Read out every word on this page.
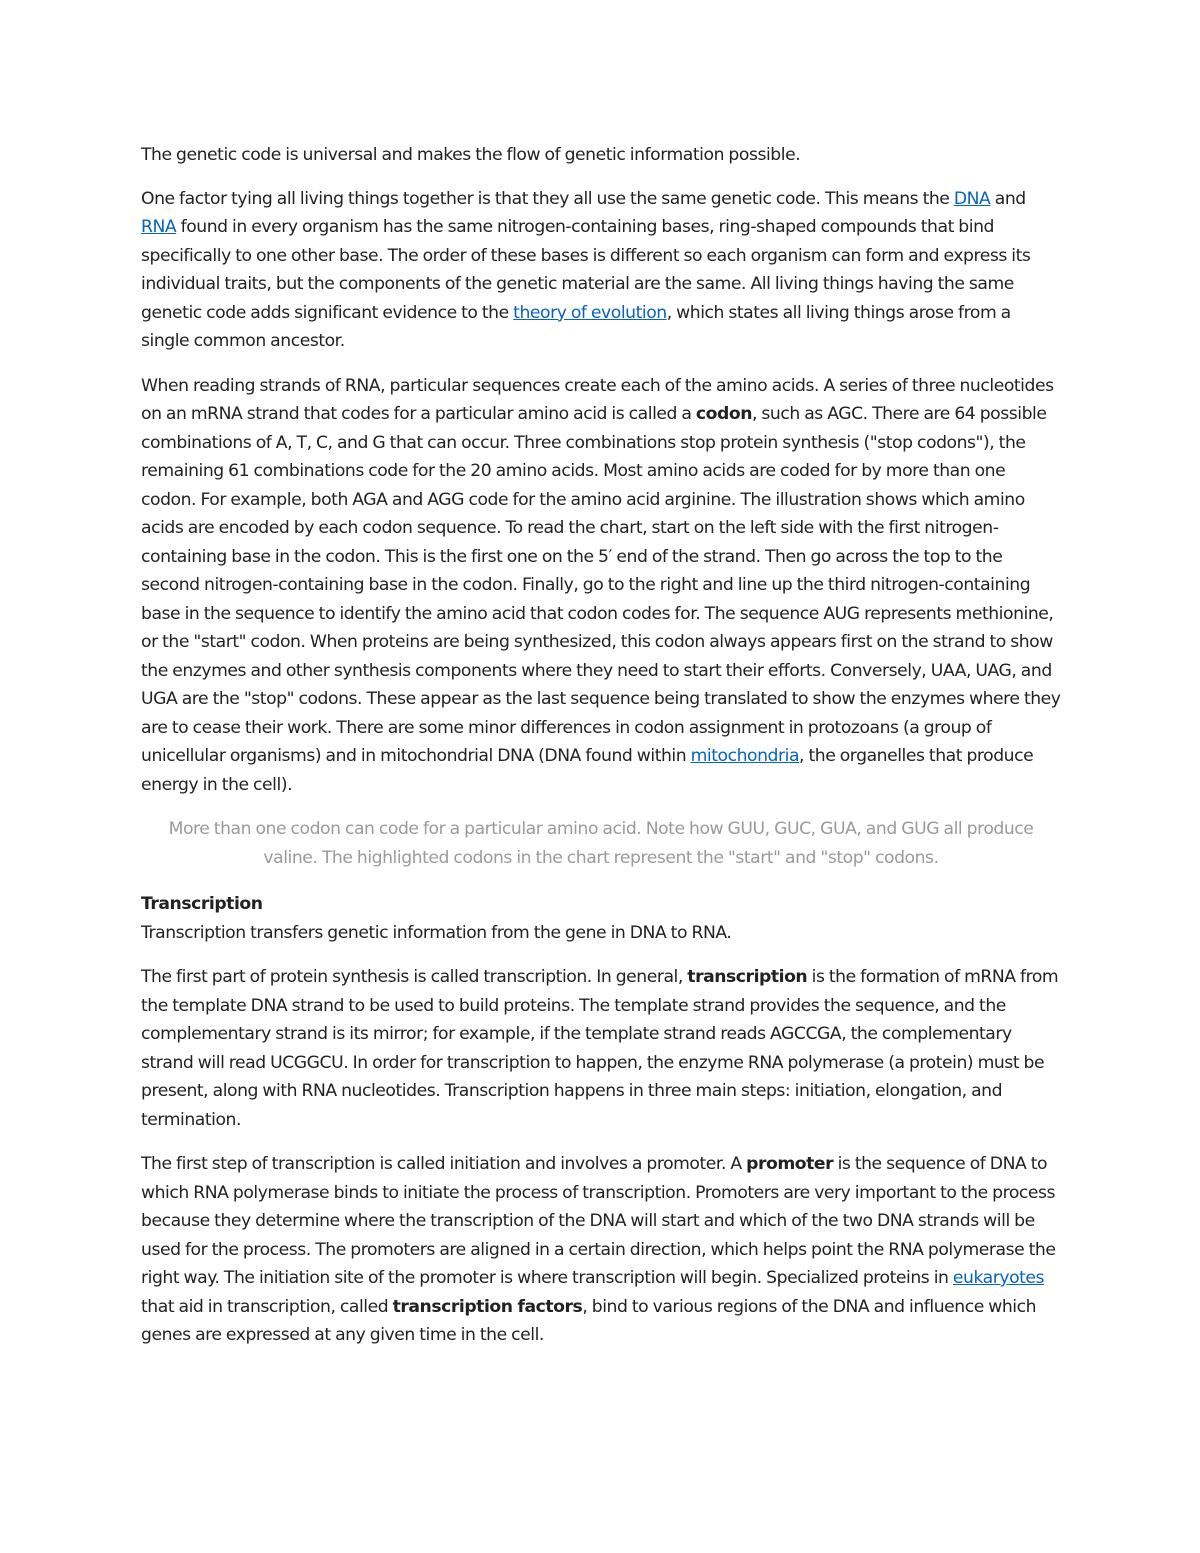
The genetic code is universal and makes the flow of genetic information possible.

One factor tying all living things together is that they all use the same genetic code. This means the DNA and RNA found in every organism has the same nitrogen-containing bases, ring-shaped compounds that bind specifically to one other base. The order of these bases is different so each organism can form and express its individual traits, but the components of the genetic material are the same. All living things having the same genetic code adds significant evidence to the theory of evolution, which states all living things arose from a single common ancestor.

When reading strands of RNA, particular sequences create each of the amino acids. A series of three nucleotides on an mRNA strand that codes for a particular amino acid is called a codon, such as AGC. There are 64 possible combinations of A, T, C, and G that can occur. Three combinations stop protein synthesis ("stop codons"), the remaining 61 combinations code for the 20 amino acids. Most amino acids are coded for by more than one codon. For example, both AGA and AGG code for the amino acid arginine. The illustration shows which amino acids are encoded by each codon sequence. To read the chart, start on the left side with the first nitrogen-containing base in the codon. This is the first one on the 5′ end of the strand. Then go across the top to the second nitrogen-containing base in the codon. Finally, go to the right and line up the third nitrogen-containing base in the sequence to identify the amino acid that codon codes for. The sequence AUG represents methionine, or the "start" codon. When proteins are being synthesized, this codon always appears first on the strand to show the enzymes and other synthesis components where they need to start their efforts. Conversely, UAA, UAG, and UGA are the "stop" codons. These appear as the last sequence being translated to show the enzymes where they are to cease their work. There are some minor differences in codon assignment in protozoans (a group of unicellular organisms) and in mitochondrial DNA (DNA found within mitochondria, the organelles that produce energy in the cell).

More than one codon can code for a particular amino acid. Note how GUU, GUC, GUA, and GUG all produce valine. The highlighted codons in the chart represent the "start" and "stop" codons.

Transcription
Transcription transfers genetic information from the gene in DNA to RNA.

The first part of protein synthesis is called transcription. In general, transcription is the formation of mRNA from the template DNA strand to be used to build proteins. The template strand provides the sequence, and the complementary strand is its mirror; for example, if the template strand reads AGCCGA, the complementary strand will read UCGGCU. In order for transcription to happen, the enzyme RNA polymerase (a protein) must be present, along with RNA nucleotides. Transcription happens in three main steps: initiation, elongation, and termination.

The first step of transcription is called initiation and involves a promoter. A promoter is the sequence of DNA to which RNA polymerase binds to initiate the process of transcription. Promoters are very important to the process because they determine where the transcription of the DNA will start and which of the two DNA strands will be used for the process. The promoters are aligned in a certain direction, which helps point the RNA polymerase the right way. The initiation site of the promoter is where transcription will begin. Specialized proteins in eukaryotes that aid in transcription, called transcription factors, bind to various regions of the DNA and influence which genes are expressed at any given time in the cell.
